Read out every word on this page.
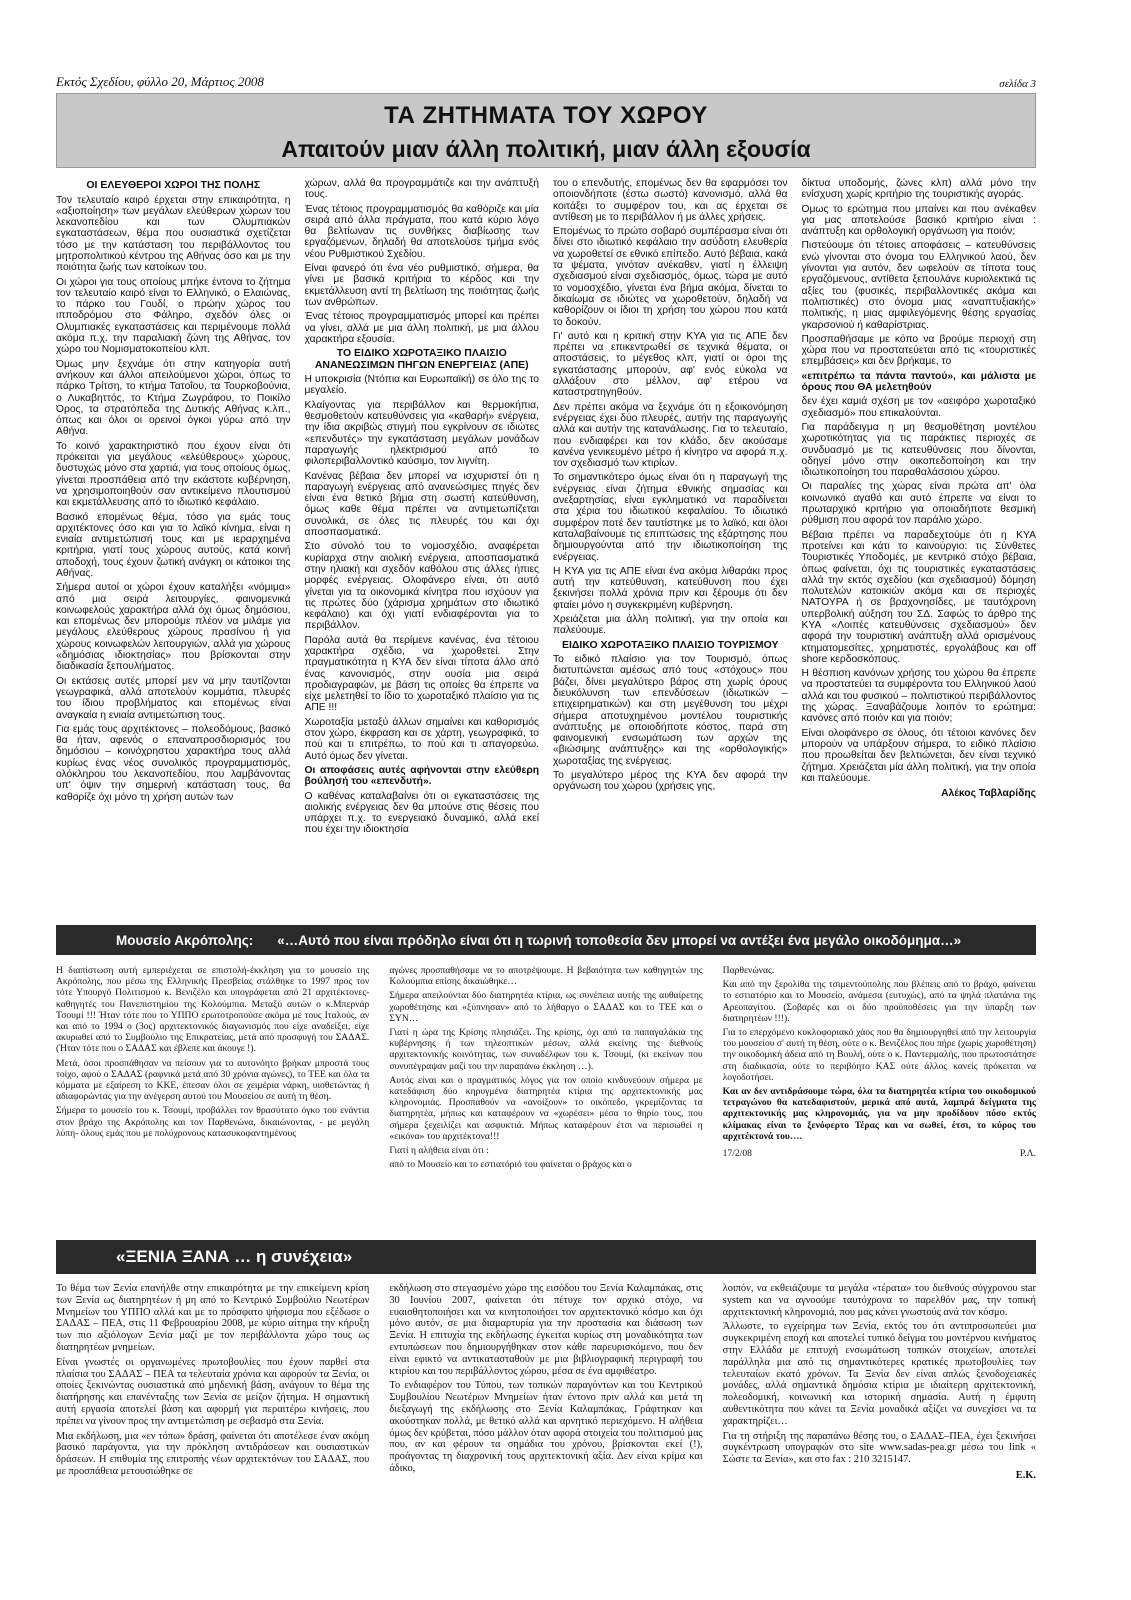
Εκτός Σχεδίου, φύλλο 20, Μάρτιος 2008	σελίδα 3
ΤΑ ΖΗΤΗΜΑΤΑ ΤΟΥ ΧΩΡΟΥ
Απαιτούν μιαν άλλη πολιτική, μιαν άλλη εξουσία
ΟΙ ΕΛΕΥΘΕΡΟΙ ΧΩΡΟΙ ΤΗΣ ΠΟΛΗΣ

Τον τελευταίο καιρό έρχεται στην επικαιρότητα, η «αξιοποίηση» των μεγάλων ελεύθερων χώρων του λεκανοπεδίου και των Ολυμπιακών εγκαταστάσεων, θέμα που ουσιαστικά σχετίζεται τόσο με την κατάσταση του περιβάλλοντος του μητροπολιτικού κέντρου της Αθήνας όσο και με την ποιότητα ζωής των κατοίκων του.

Οι χώροι για τους οποίους μπήκε έντονα το ζήτημα τον τελευταίο καιρό είναι το Ελληνικό, ο Ελαιώνας, το πάρκο του Γουδί, ο πρώην χώρος του ιπποδρόμου στο Φάληρο, σχεδόν όλες οι Ολυμπιακές εγκαταστάσεις και περιμένουμε πολλά ακόμα π.χ. την παραλιακή ζώνη της Αθήνας, τον χώρο του Νομισματοκοπείου κλπ.

Όμως μην ξεχνάμε ότι στην κατηγορία αυτή ανήκουν και άλλοι απειλούμενοι χώροι, όπως το πάρκο Τρίτση, το κτήμα Τατοΐου, τα Τουρκοβούνια, ο Λυκαβηττός, το Κτήμα Ζωγράφου, το Ποικίλο Όρος, τα στρατόπεδα της Δυτικής Αθήνας κ.λπ., όπως και όλοι οι ορεινοί όγκοι γύρω από την Αθήνα.

Το κοινό χαρακτηριστικό που έχουν είναι ότι πρόκειται για μεγάλους «ελεύθερους» χώρους, δυστυχώς μόνο στα χαρτιά, για τους οποίους όμως, γίνεται προσπάθεια από την εκάστοτε κυβέρνηση, να χρησιμοποιηθούν σαν αντικείμενο πλουτισμού και εκμετάλλευσης από το ιδιωτικό κεφάλαιο.

Βασικό επομένως θέμα, τόσο για εμάς τους αρχιτέκτονες όσο και για το λαϊκό κίνημα, είναι η ενιαία αντιμετώπισή τους και με ιεραρχημένα κριτήρια, γιατί τους χώρους αυτούς, κατά κοινή αποδοχή, τους έχουν ζωτική ανάγκη οι κάτοικοι της Αθήνας.

Σήμερα αυτοί οι χώροι έχουν καταλήξει «νόμιμα» από μια σειρά λειτουργίες, φαινομενικά κοινωφελούς χαρακτήρα αλλά όχι όμως δημόσιου, και επομένως δεν μπορούμε πλέον να μιλάμε για μεγάλους ελεύθερους χώρους πρασίνου ή για χώρους κοινωφελών λειτουργιών, αλλά για χώρους «δημόσιας ιδιοκτησίας» που βρίσκονται στην διαδικασία ξεπουλήματος.

Οι εκτάσεις αυτές μπορεί μεν να μην ταυτίζονται γεωγραφικά, αλλά αποτελούν κομμάτια, πλευρές του ίδιου προβλήματος και επομένως είναι αναγκαία η ενιαία αντιμετώπιση τους.

Για εμάς τους αρχιτέκτονες – πολεοδόμους, βασικό θα ήταν, αφενός ο επαναπροσδιορισμός του δημόσιου – κοινόχρηστου χαρακτήρα τους αλλά κυρίως ένας νέος συνολικός προγραμματισμός, ολόκληρου του λεκανοπεδίου, που λαμβάνοντας υπ' όψιν την σημερινή κατάσταση τους, θα καθορίζε όχι μόνο τη χρήση αυτών των

χώρων, αλλά θα προγραμμάτιζε και την ανάπτυξή τους.

Ένας τέτοιος προγραμματισμός θα καθόριζε και μία σειρά από άλλα πράγματα, που κατά κύριο λόγο θα βελτίωναν τις συνθήκες διαβίωσης των εργαζόμενων, δηλαδή θα αποτελούσε τμήμα ενός νέου Ρυθμιστικού Σχεδίου.

Είναι φανερό ότι ένα νέο ρυθμιστικό, σήμερα, θα γίνει με βασικά κριτήρια το κέρδος και την εκμετάλλευση αντί τη βελτίωση της ποιότητας ζωής των ανθρώπων.

Ένας τέτοιος προγραμματισμός μπορεί και πρέπει να γίνει, αλλά με μια άλλη πολιτική, με μια άλλου χαρακτήρα εξουσία.

ΤΟ ΕΙΔΙΚΟ ΧΩΡΟΤΑΞΙΚΟ ΠΛΑΙΣΙΟ ΑΝΑΝΕΩΣΙΜΩΝ ΠΗΓΩΝ ΕΝΕΡΓΕΙΑΣ (ΑΠΕ)

Η υποκρισία (Ντόπια και Ευρωπαϊκή) σε όλο της το μεγαλείο.

Κλαίγοντας για περιβάλλον και θερμοκήπια, θεσμοθετούν κατευθύνσεις για «καθαρή» ενέργεια, την ίδια ακριβώς στιγμή που εγκρίνουν σε ιδιώτες «επενδυτές» την εγκατάσταση μεγάλων μονάδων παραγωγής ηλεκτρισμού από το φιλοπεριβαλλοντικό καύσιμο, τον λιγνίτη.

Κανένας βέβαια δεν μπορεί να ισχυριστεί ότι η παραγωγή ενέργειας από ανανεώσιμες πηγές δεν είναι ένα θετικό βήμα στη σωστή κατεύθυνση, όμως καθε θέμα πρέπει να αντιμετωπίζεται συνολικά, σε όλες τις πλευρές του και όχι αποσπασματικά.

Στο σύνολό του το νομοσχέδιο, αναφέρεται κυρίαρχα στην αιολική ενέργεια, αποσπασματικά στην ηλιακή και σχεδόν καθόλου στις άλλες ήπιες μορφές ενέργειας. Ολοφάνερο είναι, ότι αυτό γίνεται για τα οικονομικά κίνητρα που ισχύουν για τις πρώτες δύο (χάρισμα χρημάτων στο ιδιωτικό κεφάλαιο) και όχι γιατί ενδιαφέρονται για το περιβάλλον.

Παρόλα αυτά θα περίμενε κανένας, ένα τέτοιου χαρακτήρα σχέδιο, να χωροθετεί. Στην πραγματικότητα η ΚΥΑ δεν είναι τίποτα άλλο από ένας κανονισμός, στην ουσία μια σειρά προδιαγραφών, με βάση τις οποίες θα έπρεπε να είχε μελετηθεί το ίδιο το χωροταξικό πλαίσιο για τις ΑΠΕ !!!

Χωροταξία μεταξύ άλλων σημαίνει και καθορισμός στον χώρο, έκφραση και σε χάρτη, γεωγραφικά, το πού και τι επιτρέπω, το πού και τι απαγορεύω. Αυτό όμως δεν γίνεται.

Οι αποφάσεις αυτές αφήνονται στην ελεύθερη βούλησή του «επενδυτή».

Ο καθένας καταλαβαίνει ότι οι εγκαταστάσεις της αιολικής ενέργειας δεν θα μπούνε στις θέσεις που υπάρχει π.χ. το ενεργειακό δυναμικό, αλλά εκεί που έχει την ιδιοκτησία

του ο επενδυτής, επομένως δεν θα εφαρμόσει τον οποιονδήποτε (έστω σωστό) κανονισμό, αλλά θα κοιτάξει το συμφέρον του, και ας έρχεται σε αντίθεση με το περιβάλλον ή με άλλες χρήσεις.

Επομένως το πρώτο σοβαρό συμπέρασμα είναι ότι δίνει στο ιδιωτικό κεφάλαιο την ασύδοτη ελευθερία να χωροθετεί σε εθνικό επίπεδο. Αυτό βέβαια, κακά τα ψέματα, γινόταν ανέκαθεν, γιατί η έλλειψη σχεδιασμού είναι σχεδιασμός, όμως, τώρα με αυτό το νομοσχέδιο, γίνεται ένα βήμα ακόμα, δίνεται το δικαίωμα σε ιδιώτες να χωροθετούν, δηλαδή να καθορίζουν οι ίδιοι τη χρήση του χώρου που κατά το δοκούν.

Γι' αυτό και η κριτική στην ΚΥΑ για τις ΑΠΕ δεν πρέπει να επικεντρωθεί σε τεχνικά θέματα, οι αποστάσεις, το μέγεθος κλπ, γιατί οι όροι της εγκατάστασης μπορούν, αφ' ενός εύκολα να αλλάξουν στο μέλλον, αφ' ετέρου να καταστρατηγηθούν.

Δεν πρέπει ακόμα να ξεχνάμε ότι η εξοικονόμηση ενέργειας έχει δύο πλευρές, αυτήν της παραγωγής αλλά και αυτήν της κατανάλωσης. Για το τελευταίο, που ενδιαφέρει και τον κλάδο, δεν ακούσαμε κανένα γενικευμένο μέτρο ή κίνητρο να αφορά π.χ. τον σχεδιασμό των κτιρίων.

Το σημαντικότερο όμως είναι ότι η παραγωγή της ενέργειας είναι ζήτημα εθνικής σημασίας και ανεξαρτησίας, είναι εγκληματικό να παραδίνεται στα χέρια του ιδιωτικού κεφαλαίου. Το ιδιωτικό συμφέρον ποτέ δεν ταυτίστηκε με το λαϊκό, και όλοι καταλαβαίνουμε τις επιπτώσεις της εξάρτησης που δημιουργούνται από την ιδιωτικοποίηση της ενέργειας.

Η ΚΥΑ για τις ΑΠΕ είναι ένα ακόμα λιθαράκι προς αυτή την κατεύθυνση, κατεύθυνση που έχει ξεκινήσει πολλά χρόνια πριν και ξέρουμε ότι δεν φταίει μόνο η συγκεκριμένη κυβέρνηση.

Χρειάζεται μια άλλη πολιτική, για την οποία και παλεύουμε.

ΕΙΔΙΚΟ ΧΩΡΟΤΑΞΙΚΟ ΠΛΑΙΣΙΟ ΤΟΥΡΙΣΜΟΥ

Το ειδικό πλαίσιο για τον Τουρισμό, όπως διατυπώνεται αμέσως από τους «στόχους» που βάζει, δίνει μεγαλύτερο βάρος στη χωρίς όρους διευκόλυνση των επενδύσεων (ιδιωτικών – επιχειρηματικών) και στη μεγέθυνση του μέχρι σήμερα αποτυχημένου μοντέλου τουριστικής ανάπτυξης με οποιοδήποτε κόστος, παρά στη φαινομενική ενσωμάτωση των αρχών της «βιώσιμης ανάπτυξης» και της «ορθολογικής» χωροταξίας της ενέργειας.

Το μεγαλύτερο μέρος της ΚΥΑ δεν αφορά την οργάνωση του χώρου (χρήσεις γης,

δίκτυα υποδομής, ζώνες κλπ) αλλά μόνο την ενίσχυση χωρίς κριτήριο της τουριστικής αγοράς.

Όμως το ερώτημα που μπαίνει και που ανέκαθεν για μας αποτελούσε βασικό κριτήριο είναι : ανάπτυξη και ορθολογική οργάνωση για ποιόν;

Πιστεύουμε ότι τέτοιες αποφάσεις – κατευθύνσεις ενώ γίνονται στο όνομα του Ελληνικού λαού, δεν γίνονται για αυτόν, δεν ωφελούν σε τίποτα τους εργαζόμενους, αντίθετα ξεπουλάνε κυριολεκτικά τις αξίες του (φυσικές, περιβαλλοντικές ακόμα και πολιτιστικές) στο όνομα μιας «αναπτυξιακής» πολιτικής, η μιας αμφιλεγόμενης θέσης εργασίας γκαρσονιού ή καθαρίστριας.

Προσπαθήσαμε με κόπο να βρούμε περιοχή στη χώρα που να προστατεύεται από τις «τουριστικές επεμβάσεις» και δεν βρήκαμε, το

«επιτρέπω τα πάντα παντού», και μάλιστα με όρους που ΘΑ μελετηθούν

δεν έχει καμιά σχέση με τον «αειφόρο χωροταξικό σχεδιασμό» που επικαλούνται.

Για παράδειγμα η μη θεσμοθέτηση μοντέλου χωροτικότητας για τις παράκτιες περιοχές σε συνδυασμό με τις κατευθύνσεις που δίνονται, οδηγεί μόνο στην οικοπεδοποίηση και την ιδιωτικοποίηση του παραθαλάσσιου χώρου.

Οι παραλίες της χώρας είναι πρώτα απ' όλα κοινωνικό αγαθό και αυτό έπρεπε να είναι το πρωταρχικό κριτήριο για οποιαδήποτε θεσμική ρύθμιση που αφορά τον παράλιο χώρο.

Βέβαια πρέπει να παραδεχτούμε ότι η ΚΥΑ προτείνει και κάτι το καινούργιο: τις Σύνθετες Τουριστικές Υποδομές, με κεντρικό στόχο βέβαια, όπως φαίνεται, όχι τις τουριστικές εγκαταστάσεις αλλά την εκτός σχεδίου (και σχεδιασμού) δόμηση πολυτελών κατοικιών ακόμα και σε περιοχές ΝΑΤΟΥΡΑ ή σε βραχονησίδες, με ταυτόχρονη υπερβολική αύξηση του ΣΔ. Σαφώς το άρθρο της ΚΥΑ «Λοιπές κατευθύνσεις σχεδιασμού» δεν αφορά την τουριστική ανάπτυξη αλλά ορισμένους κτηματομεσίτες, χρηματιστές, εργολάβους και off shore κερδοσκόπους.

Η θέσπιση κανόνων χρήσης του χώρου θα έπρεπε να προστατεύει τα συμφέροντα του Ελληνικού λαού αλλά και του φυσικού – πολιτιστικού περιβάλλοντος της χώρας. Ξαναβάζουμε λοιπόν το ερώτημα: κανόνες από ποιόν και για ποιόν;

Είναι ολοφάνερο σε όλους, ότι τέτοιοι κανόνες δεν μπορούν να υπάρξουν σήμερα, το ειδικό πλαίσιο που προωθείται δεν βελτιώνεται, δεν είναι τεχνικό ζήτημα. Χρειάζεται μία άλλη πολιτική, για την οποία και παλεύουμε.

Αλέκος Ταβλαρίδης
Μουσείο Ακρόπολης: «…Αυτό που είναι πρόδηλο είναι ότι η τωρινή τοποθεσία δεν μπορεί να αντέξει ένα μεγάλο οικοδόμημα…»

Η διαπίστωση αυτή εμπεριέχεται σε επιστολή-έκκληση για το μουσείο της Ακρόπολης, που μέσω της Ελληνικής Πρεσβείας στάλθηκε το 1997 προς τον τότε Υπουργό Πολιτισμού κ. Βενιζέλο και υπογράφεται από 21 αρχιτέκτονες- καθηγητές του Πανεπιστημίου της Κολούμπια. Μεταξύ αυτών ο κ.Μπερνάρ Τσουμί !!! Ήταν τότε που το ΥΠΠΟ ερωτοτροπούσε ακόμα με τους Ιταλούς, αν και από το 1994 ο (3ος) αρχιτεκτονικός διαγωνισμός που είχε αναδείξει, είχε ακυρωθεί από το Συμβούλιο της Επικρατείας, μετά από προσφυγή του ΣΑΔΑΣ. (Ήταν τότε που ο ΣΑΔΑΣ και έβλεπε και άκουγε !).

Μετά, όσοι προσπάθησαν να πείσουν για το αυτονόητο βρήκαν μπροστά τους τοίχο, αφού ο ΣΑΔΑΣ (ραφνικά μετά από 30 χρόνια αγώνες), το ΤΕΕ και όλα τα κόμματα με εξαίρεση το ΚΚΕ, έπεσαν όλοι σε χειμέρια νάρκη, υιοθετώντας ή αδιαφορώντας για την ανέγερση αυτού του Μουσείου σε αυτή τη θέση.

Σήμερα το μουσείο του κ. Τσουμί, προβάλλει τον θρασύτατο όγκο του ενάντια στον βράχο της Ακρόπολης και τον Παρθενώνα, δικαιώνοντας, - με μεγάλη λύπη- όλους εμάς που με πολύχρονους κατασυκοφαντημένους

αγώνες προσπαθήσαμε να το αποτρέψουμε. Η βεβαιότητα των καθηγητών της Κολούμπια επίσης δικαιώθηκε…

Σήμερα απειλούνται δύο διατηρητέα κτίρια, ως συνέπεια αυτής της αυθαίρετης χωροθέτησης και «ξύπνησαν» από το λήθαργο ο ΣΑΔΑΣ και το ΤΕΕ και ο ΣΥΝ…

Γιατί η ώρα της Κρίσης πλησιάζει. Της κρίσης, όχι από τα παπαγαλάκια της κυβέρνησης ή των τηλεοπτικών μέσων, αλλά εκείνης της διεθνούς αρχιτεκτονικής κοινότητας, των συναδέλφων του κ. Τσουμί, (κι εκείνων που συνυπέγραψαν μαζί του την παραπάνω έκκληση …).

Αυτός είναι και ο πραγματικός λόγος για τον οποίο κινδυνεύουν σήμερα με κατεδάφιση δύο κηρυγμένα διατηρητέα κτίρια της αρχιτεκτονικής μας κληρονομιάς. Προσπαθούν να «ανοίξουν» το οικόπεδο, γκρεμίζοντας τα διατηρητέα, μήπως και καταφέρουν να «χωρέσει» μέσα το θηρίο τους, που σήμερα ξεχειλίζει και ασφυκτιά. Μήπως καταφέρουν έτσι να περισωθεί η «εικόνα» του αρχιτέκτονα!!!

Γιατί η αλήθεια είναι ότι :

από το Μουσείο και το εστιατόριό του φαίνεται ο βράχος και ο

Παρθενώνας.

Και από την ξερολίθα της τσιμεντούπολης που βλέπεις από το βράχο, φαίνεται το εστιατόριο και το Μουσείο, ανάμεσα (ευτυχώς), από τα ψηλά πλατάνια της Αρεοπαγίτου. (Σοβαρές και οι δύο προϋποθέσεις για την ύπαρξη των διατηρητέων !!!).

Για το επερχόμενο κυκλοφοριακό χάος που θα δημιουργηθεί από την λειτουργία του μουσείου σ' αυτή τη θέση, ούτε ο κ. Βενιζέλος που πήρε (χωρίς χωροθέτηση) την οικοδομική άδεια από τη Βουλή, ούτε ο κ. Παντερμαλής, που πρωτοστάτησε στη διαδικασία, ούτε το περιβόητο ΚΑΣ ούτε άλλος κανείς πρόκειται να λογοδοτήσει.

Και αν δεν αντιδράσουμε τώρα, όλα τα διατηρητέα κτίρια του οικοδομικού τετραγώνου θα κατεδαφιστούν, μερικά από αυτά, λαμπρά δείγματα της αρχιτεκτονικής μας κληρονομιάς, για να μην προδίδουν πόσο εκτός κλίμακας είναι το ξενόφερτο Τέρας και να σωθεί, έτσι, το κύρος του αρχιτέκτονά του….

17/2/08	Ρ.Λ.
«ΞΕΝΙΑ ΞΑΝΑ … η συνέχεια»

Το θέμα των Ξενία επανήλθε στην επικαιρότητα με την επικείμενη κρίση των Ξενία ως διατηρητέων ή μη από το Κεντρικό Συμβούλιο Νεωτέρων Μνημείων του ΥΠΠΟ αλλά και με το πρόσφατο ψήφισμα που εξέδωσε ο ΣΑΔΑΣ – ΠΕΑ, στις 11 Φεβρουαρίου 2008, με κύριο αίτημα την κήρυξη των πιο αξιόλογων Ξενία μαζί με τον περιβάλλοντα χώρο τους ως διατηρητέων μνημείων.

Είναι γνωστές οι οργανωμένες πρωτοβουλίες που έχουν παρθεί στα πλαίσια του ΣΑΔΑΣ – ΠΕΑ τα τελευταία χρόνια και αφορούν τα Ξενία, οι οποίες ξεκινώντας ουσιαστικά από μηδενική βάση, ανάγουν το θέμα της διατήρησης και επανένταξης των Ξενία σε μείζον ζήτημα. Η σημαντική αυτή εργασία αποτελεί βάση και αφορμή για περαιτέρω κινήσεις, που πρέπει να γίνουν προς την αντιμετώπιση με σεβασμό στα Ξενία.

Μια εκδήλωση, μια «εν τόπω» δράση, φαίνεται ότι αποτέλεσε έναν ακόμη βασικό παράγοντα, για την πρόκληση αντιδράσεων και ουσιαστικών δράσεων. Η επιθυμία της επιτροπής νέων αρχιτεκτόνων του ΣΑΔΑΣ, που με προσπάθεια μετουσιώθηκε σε

εκδήλωση στο στεγασμένο χώρο της εισόδου του Ξενία Καλαμπάκας, στις 30 Ιουνίου 2007, φαίνεται ότι πέτυχε τον αρχικό στόχο, να ευαισθητοποιήσει και να κινητοποιήσει τον αρχιτεκτονικό κόσμο και όχι μόνο αυτόν, σε μια διαμαρτυρία για την προστασία και διάσωση των Ξενία. Η επιτυχία της εκδήλωσης έγκειται κυρίως στη μοναδικότητα των εντυπώσεων που δημιουργήθηκαν στον κάθε παρευρισκόμενο, που δεν είναι εφικτό να αντικατασταθούν με μια βιβλιογραφική περιγραφή του κτιρίου και του περιβάλλοντος χώρου, μέσα σε ένα αμφιθέατρο.

Το ενδιαφέρον του Τύπου, των τοπικών παραγόντων και του Κεντρικού Συμβουλίου Νεωτέρων Μνημείων ήταν έντονο πριν αλλά και μετά τη διεξαγωγή της εκδήλωσης στο Ξενία Καλαμπάκας. Γράφτηκαν και ακούστηκαν πολλά, με θετικό αλλά και αρνητικό περιεχόμενο. Η αλήθεια όμως δεν κρύβεται, πόσο μάλλον όταν αφορά στοιχεία του πολιτισμού μας που, αν και φέρουν τα σημάδια του χρόνου, βρίσκονται εκεί (!), προάγοντας τη διαχρονική τους αρχιτεκτονική αξία. Δεν είναι κρίμα και άδικο,

λοιπόν, να εκθειάζουμε τα μεγάλα «τέρατα» του διεθνούς σύγχρονου star system και να αγνοούμε ταυτόχρονα το παρελθόν μας, την τοπική αρχιτεκτονική κληρονομιά, που μας κάνει γνωστούς ανά τον κόσμο.

Άλλωστε, το εγχείρημα των Ξενία, εκτός του ότι αντιπροσωπεύει μια συγκεκριμένη εποχή και αποτελεί τυπικό δείγμα του μοντέρνου κινήματος στην Ελλάδα με επιτυχή ενσωμάτωση τοπικών στοιχείων, αποτελεί παράλληλα μια από τις σημαντικότερες κρατικές πρωτοβουλίες των τελευταίων εκατό χρόνων. Τα Ξενία δεν είναι απλώς ξενοδοχειακές μονάδες, αλλά σημαντικά δημόσια κτίρια με ιδιαίτερη αρχιτεκτονική, πολεοδομική, κοινωνική και ιστορική σημασία. Αυτή η έμφυτη αυθεντικότητα που κάνει τα Ξενία μοναδικά αξίζει να συνεχίσει να τα χαρακτηρίζει…

Για τη στήριξη της παραπάνω θέσης του, ο ΣΑΔΑΣ–ΠΕΑ, έχει ξεκινήσει συγκέντρωση υπογραφών στο site www.sadas-pea.gr μέσω του link « Σώστε τα Ξενία», και στο fax : 210 3215147.

Ε.Κ.
